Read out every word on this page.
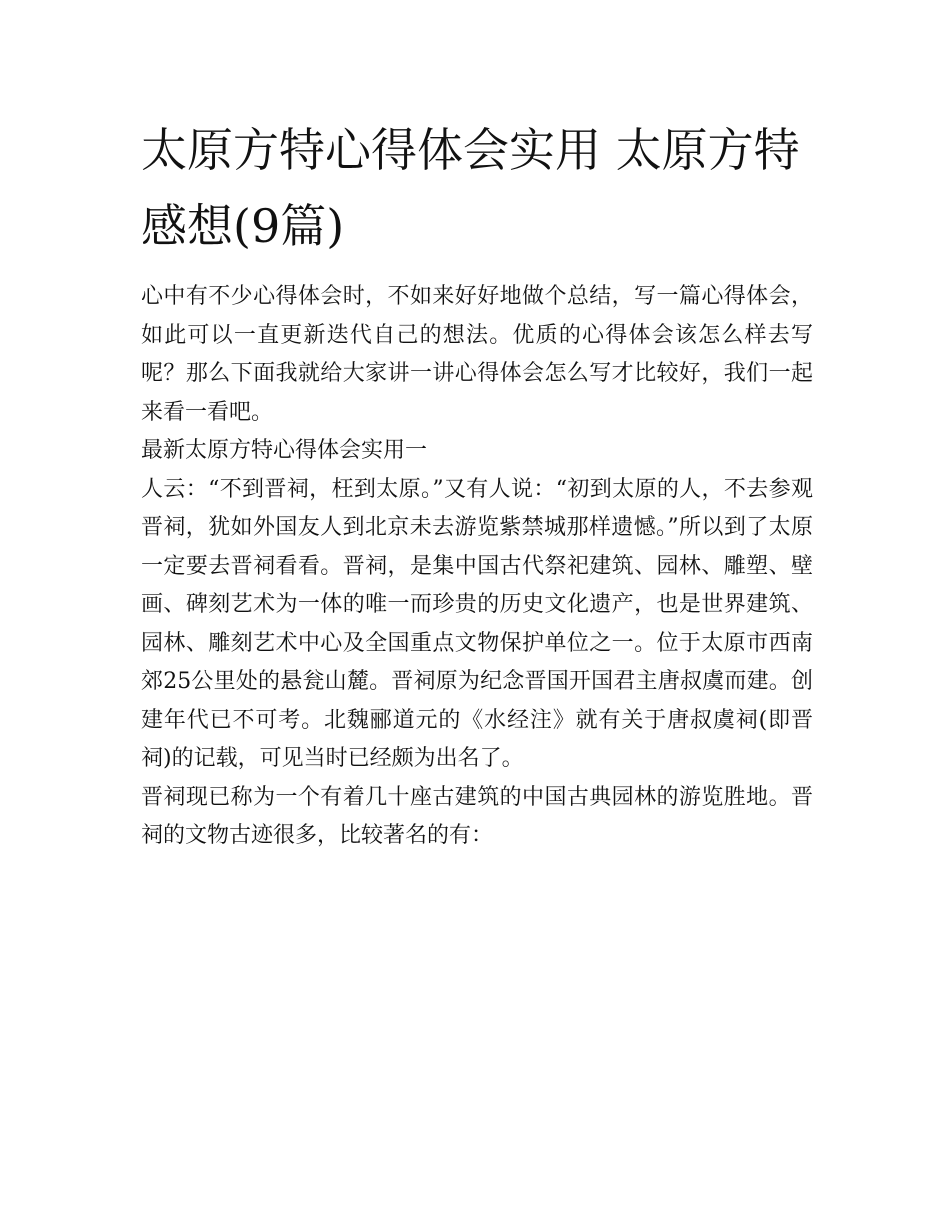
太原方特心得体会实用 太原方特感想(9篇)

心中有不少心得体会时，不如来好好地做个总结，写一篇心得体会，如此可以一直更新迭代自己的想法。优质的心得体会该怎么样去写呢？那么下面我就给大家讲一讲心得体会怎么写才比较好，我们一起来看一看吧。

最新太原方特心得体会实用一

人云：“不到晋祠，枉到太原。”又有人说：“初到太原的人，不去参观晋祠，犹如外国友人到北京未去游览紫禁城那样遗憾。”所以到了太原一定要去晋祠看看。晋祠，是集中国古代祭祀建筑、园林、雕塑、壁画、碑刻艺术为一体的唯一而珍贵的历史文化遗产，也是世界建筑、园林、雕刻艺术中心及全国重点文物保护单位之一。位于太原市西南郊25公里处的悬瓮山麓。晋祠原为纪念晋国开国君主唐叔虞而建。创建年代已不可考。北魏郦道元的《水经注》就有关于唐叔虞祠(即晋祠)的记载，可见当时已经颇为出名了。

晋祠现已称为一个有着几十座古建筑的中国古典园林的游览胜地。晋祠的文物古迹很多，比较著名的有：
